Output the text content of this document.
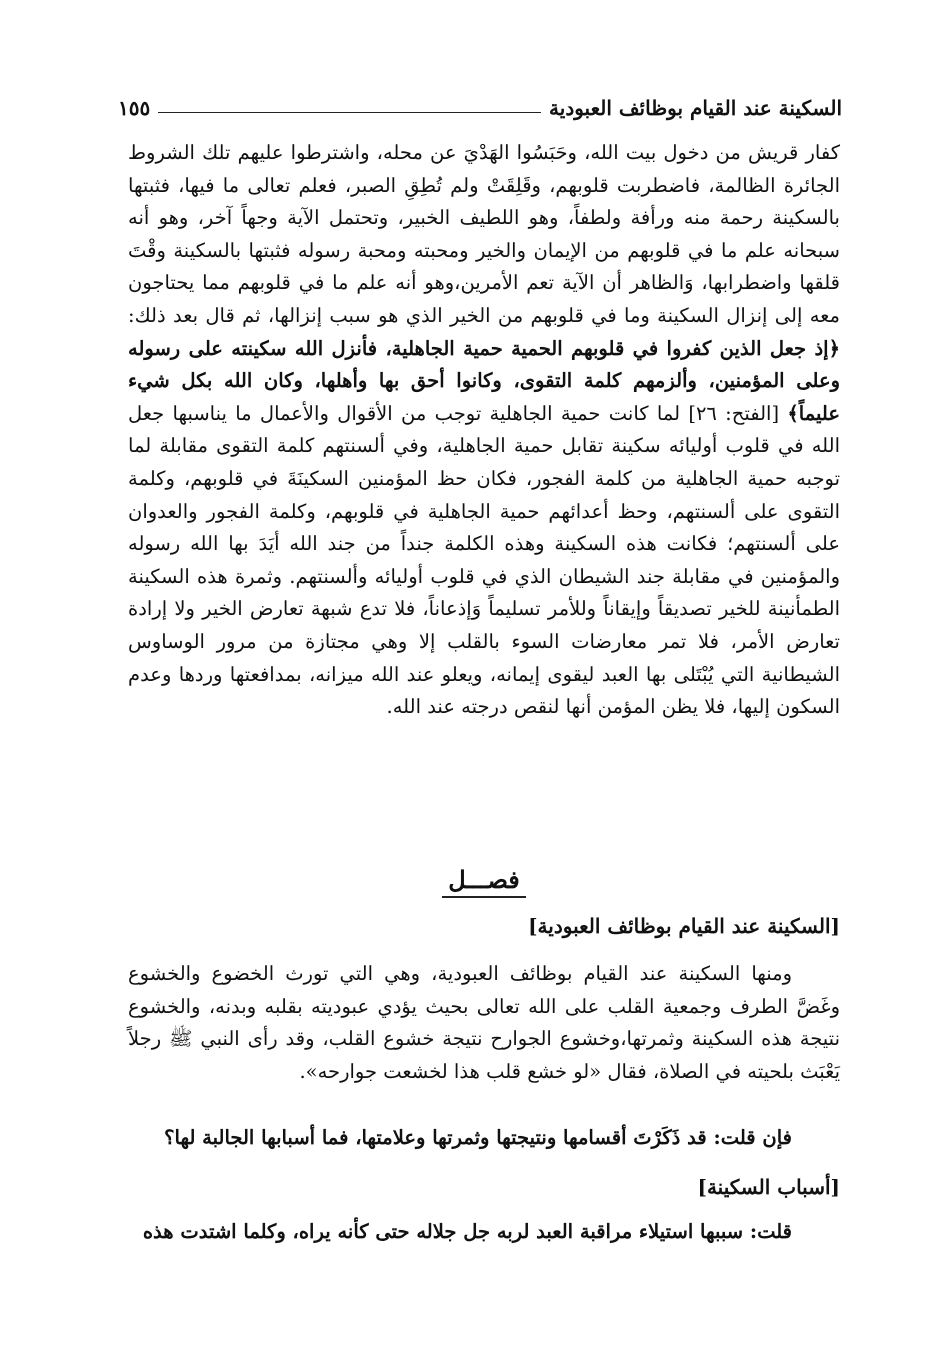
السكينة عند القيام بوظائف العبودية
١٥٥

كفار قريش من دخول بيت الله، وحَبَسُوا الهَدْيَ عن محله، واشترطوا عليهم تلك الشروط الجائرة الظالمة، فاضطربت قلوبهم، وقَلِقَتْ ولم تُطِقِ الصبر، فعلم تعالى ما فيها، فثبتها بالسكينة رحمة منه ورأفة ولطفاً، وهو اللطيف الخبير، وتحتمل الآية وجهاً آخر، وهو أنه سبحانه علم ما في قلوبهم من الإيمان والخير ومحبته ومحبة رسوله فثبتها بالسكينة وقْتَ قلقها واضطرابها، وَالظاهر أن الآية تعم الأمرين،وهو أنه علم ما في قلوبهم مما يحتاجون معه إلى إنزال السكينة وما في قلوبهم من الخير الذي هو سبب إنزالها، ثم قال بعد ذلك: ﴿إذ جعل الذين كفروا في قلوبهم الحمية حمية الجاهلية، فأنزل الله سكينته على رسوله وعلى المؤمنين، وألزمهم كلمة التقوى، وكانوا أحق بها وأهلها، وكان الله بكل شيء عليماً﴾ [الفتح: ٢٦] لما كانت حمية الجاهلية توجب من الأقوال والأعمال ما يناسبها جعل الله في قلوب أوليائه سكينة تقابل حمية الجاهلية، وفي ألسنتهم كلمة التقوى مقابلة لما توجبه حمية الجاهلية من كلمة الفجور، فكان حظ المؤمنين السكينَةَ في قلوبهم، وكلمة التقوى على ألسنتهم، وحظ أعدائهم حمية الجاهلية في قلوبهم، وكلمة الفجور والعدوان على ألسنتهم؛ فكانت هذه السكينة وهذه الكلمة جنداً من جند الله أيَدَ بها الله رسوله والمؤمنين في مقابلة جند الشيطان الذي في قلوب أوليائه وألسنتهم. وثمرة هذه السكينة الطمأنينة للخير تصديقاً وإيقاناً وللأمر تسليماً وَإذعاناً، فلا تدع شبهة تعارض الخير ولا إرادة تعارض الأمر، فلا تمر معارضات السوء بالقلب إلا وهي مجتازة من مرور الوساوس الشيطانية التي يُبْتَلى بها العبد ليقوى إيمانه، ويعلو عند الله ميزانه، بمدافعتها وردها وعدم السكون إليها، فلا يظن المؤمن أنها لنقص درجته عند الله.

فصـــل
[السكينة عند القيام بوظائف العبودية]
ومنها السكينة عند القيام بوظائف العبودية، وهي التي تورث الخضوع والخشوع وغَضَّ الطرف وجمعية القلب على الله تعالى بحيث يؤدي عبوديته بقلبه وبدنه، والخشوع نتيجة هذه السكينة وثمرتها،وخشوع الجوارح نتيجة خشوع القلب، وقد رأى النبي ﷺ رجلاً يَعْبَث بلحيته في الصلاة، فقال «لو خشع قلب هذا لخشعت جوارحه».
فإن قلت: قد ذَكَرْتَ أقسامها ونتيجتها وثمرتها وعلامتها، فما أسبابها الجالبة لها؟
[أسباب السكينة]
قلت: سببها استيلاء مراقبة العبد لربه جل جلاله حتى كأنه يراه، وكلما اشتدت هذه
